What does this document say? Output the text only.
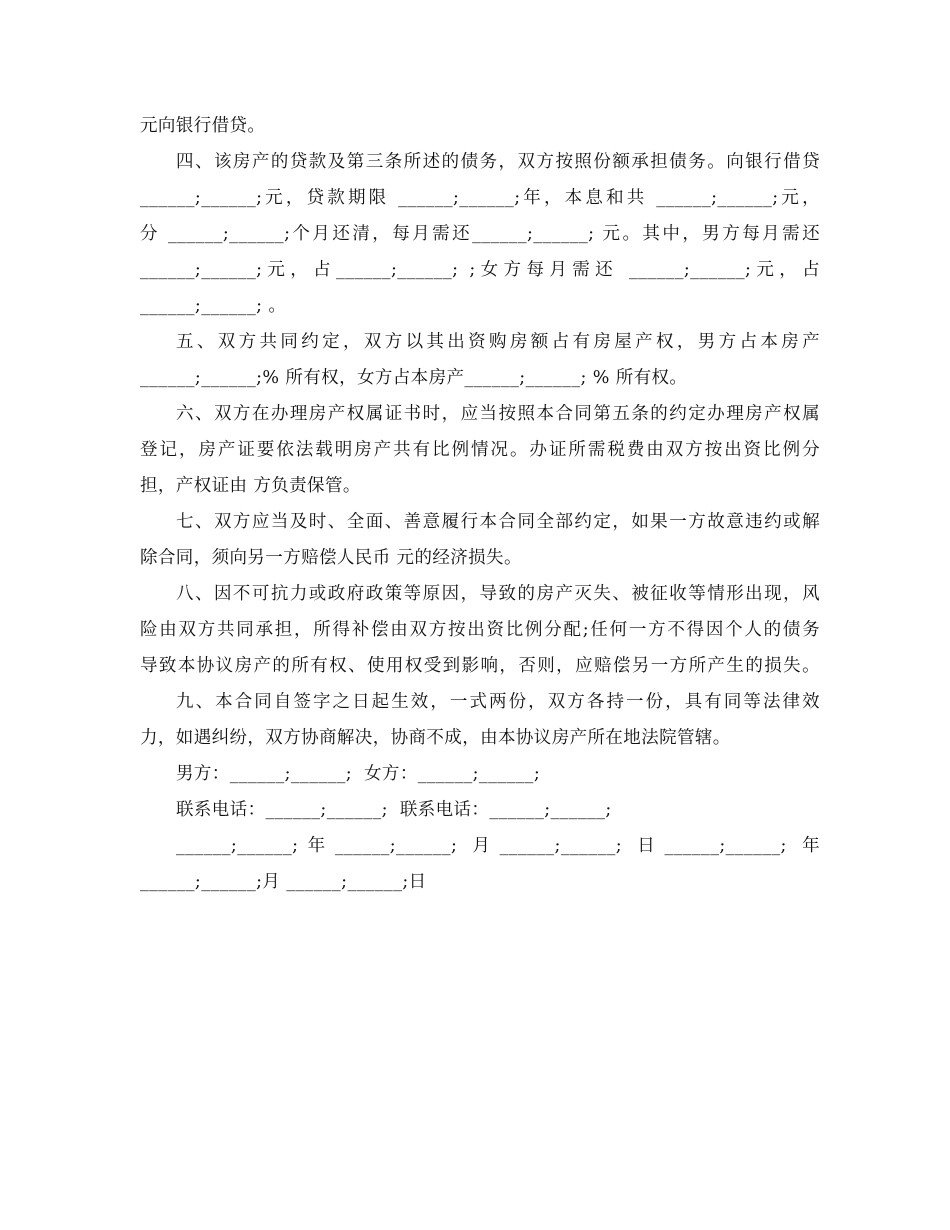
元向银行借贷。
四、该房产的贷款及第三条所述的债务，双方按照份额承担债务。向银行借贷
______;______;元，贷款期限 ______;______;年，本息和共 ______;______;元，
分 ______;______;个月还清，每月需还______;______; 元。其中，男方每月需还
______;______;元，占______;______; ;女方每月需还 ______;______;元，占
______;______; 。
五、双方共同约定，双方以其出资购房额占有房屋产权，男方占本房产
______;______;% 所有权，女方占本房产______;______; % 所有权。
六、双方在办理房产权属证书时，应当按照本合同第五条的约定办理房产权属
登记，房产证要依法载明房产共有比例情况。办证所需税费由双方按出资比例分
担，产权证由 方负责保管。
七、双方应当及时、全面、善意履行本合同全部约定，如果一方故意违约或解
除合同，须向另一方赔偿人民币 元的经济损失。
八、因不可抗力或政府政策等原因，导致的房产灭失、被征收等情形出现，风
险由双方共同承担，所得补偿由双方按出资比例分配;任何一方不得因个人的债务
导致本协议房产的所有权、使用权受到影响，否则，应赔偿另一方所产生的损失。
九、本合同自签字之日起生效，一式两份，双方各持一份，具有同等法律效
力，如遇纠纷，双方协商解决，协商不成，由本协议房产所在地法院管辖。
男方：______;______;  女方：______;______;
联系电话：______;______;  联系电话：______;______;
______;______;年______;______; 月______;______; 日______;______; 年
______;______;月 ______;______;日
